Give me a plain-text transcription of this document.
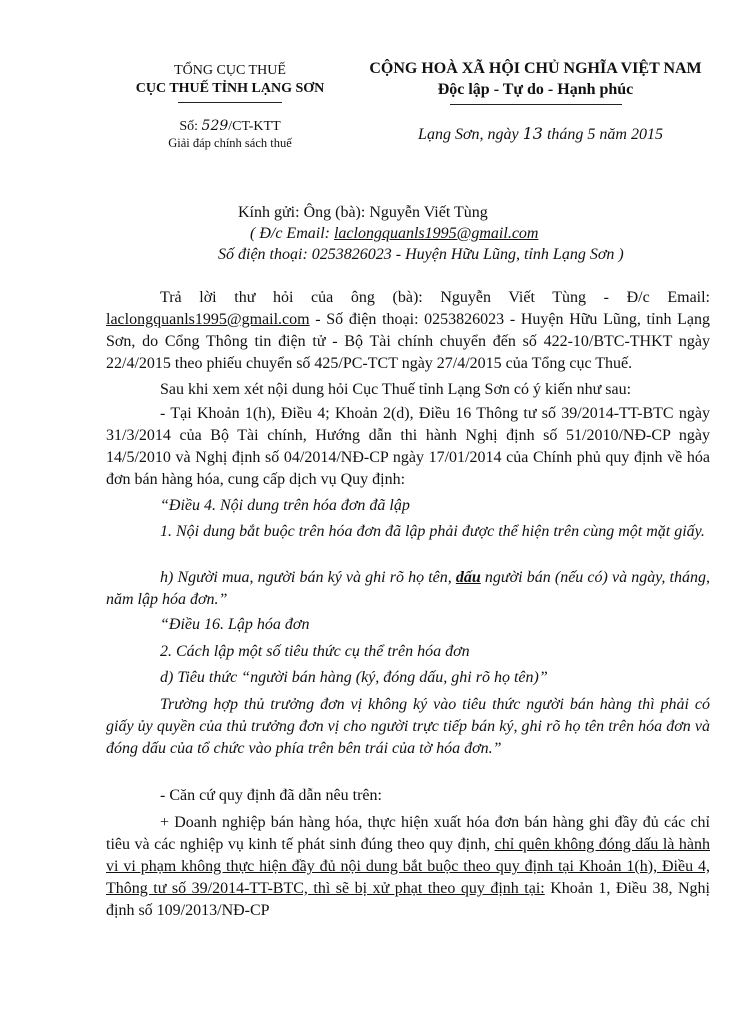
TỔNG CỤC THUẾ
CỤC THUẾ TỈNH LẠNG SƠN
CỘNG HOÀ XÃ HỘI CHỦ NGHĨA VIỆT NAM
Độc lập - Tự do - Hạnh phúc
Số: 529/CT-KTT
Giải đáp chính sách thuế	Lạng Sơn, ngày 13 tháng 5 năm 2015
Kính gửi: Ông (bà): Nguyễn Viết Tùng
( Đ/c Email: laclongquanls1995@gmail.com
Số điện thoại: 0253826023 - Huyện Hữu Lũng, tỉnh Lạng Sơn )
Trả lời thư hỏi của ông (bà): Nguyễn Viết Tùng - Đ/c Email: laclongquanls1995@gmail.com - Số điện thoại: 0253826023 - Huyện Hữu Lũng, tỉnh Lạng Sơn, do Cổng Thông tin điện tử - Bộ Tài chính chuyển đến số 422-10/BTC-THKT ngày 22/4/2015 theo phiếu chuyển số 425/PC-TCT ngày 27/4/2015 của Tổng cục Thuế.
Sau khi xem xét nội dung hỏi Cục Thuế tỉnh Lạng Sơn có ý kiến như sau:
- Tại Khoản 1(h), Điều 4; Khoản 2(d), Điều 16 Thông tư số 39/2014-TT-BTC ngày 31/3/2014 của Bộ Tài chính, Hướng dẫn thi hành Nghị định số 51/2010/NĐ-CP ngày 14/5/2010 và Nghị định số 04/2014/NĐ-CP ngày 17/01/2014 của Chính phủ quy định về hóa đơn bán hàng hóa, cung cấp dịch vụ Quy định:
“Điều 4. Nội dung trên hóa đơn đã lập
1. Nội dung bắt buộc trên hóa đơn đã lập phải được thể hiện trên cùng một mặt giấy.
h) Người mua, người bán ký và ghi rõ họ tên, dấu người bán (nếu có) và ngày, tháng, năm lập hóa đơn.”
“Điều 16. Lập hóa đơn
2. Cách lập một số tiêu thức cụ thể trên hóa đơn
d) Tiêu thức “người bán hàng (ký, đóng dấu, ghi rõ họ tên)”
Trường hợp thủ trưởng đơn vị không ký vào tiêu thức người bán hàng thì phải có giấy ủy quyền của thủ trưởng đơn vị cho người trực tiếp bán ký, ghi rõ họ tên trên hóa đơn và đóng dấu của tổ chức vào phía trên bên trái của tờ hóa đơn.”
- Căn cứ quy định đã dẫn nêu trên:
+ Doanh nghiệp bán hàng hóa, thực hiện xuất hóa đơn bán hàng ghi đầy đủ các chỉ tiêu và các nghiệp vụ kinh tế phát sinh đúng theo quy định, chỉ quên không đóng dấu là hành vi vi phạm không thực hiện đầy đủ nội dung bắt buộc theo quy định tại Khoản 1(h), Điều 4, Thông tư số 39/2014-TT-BTC, thì sẽ bị xử phạt theo quy định tại: Khoản 1, Điều 38, Nghị định số 109/2013/NĐ-CP
